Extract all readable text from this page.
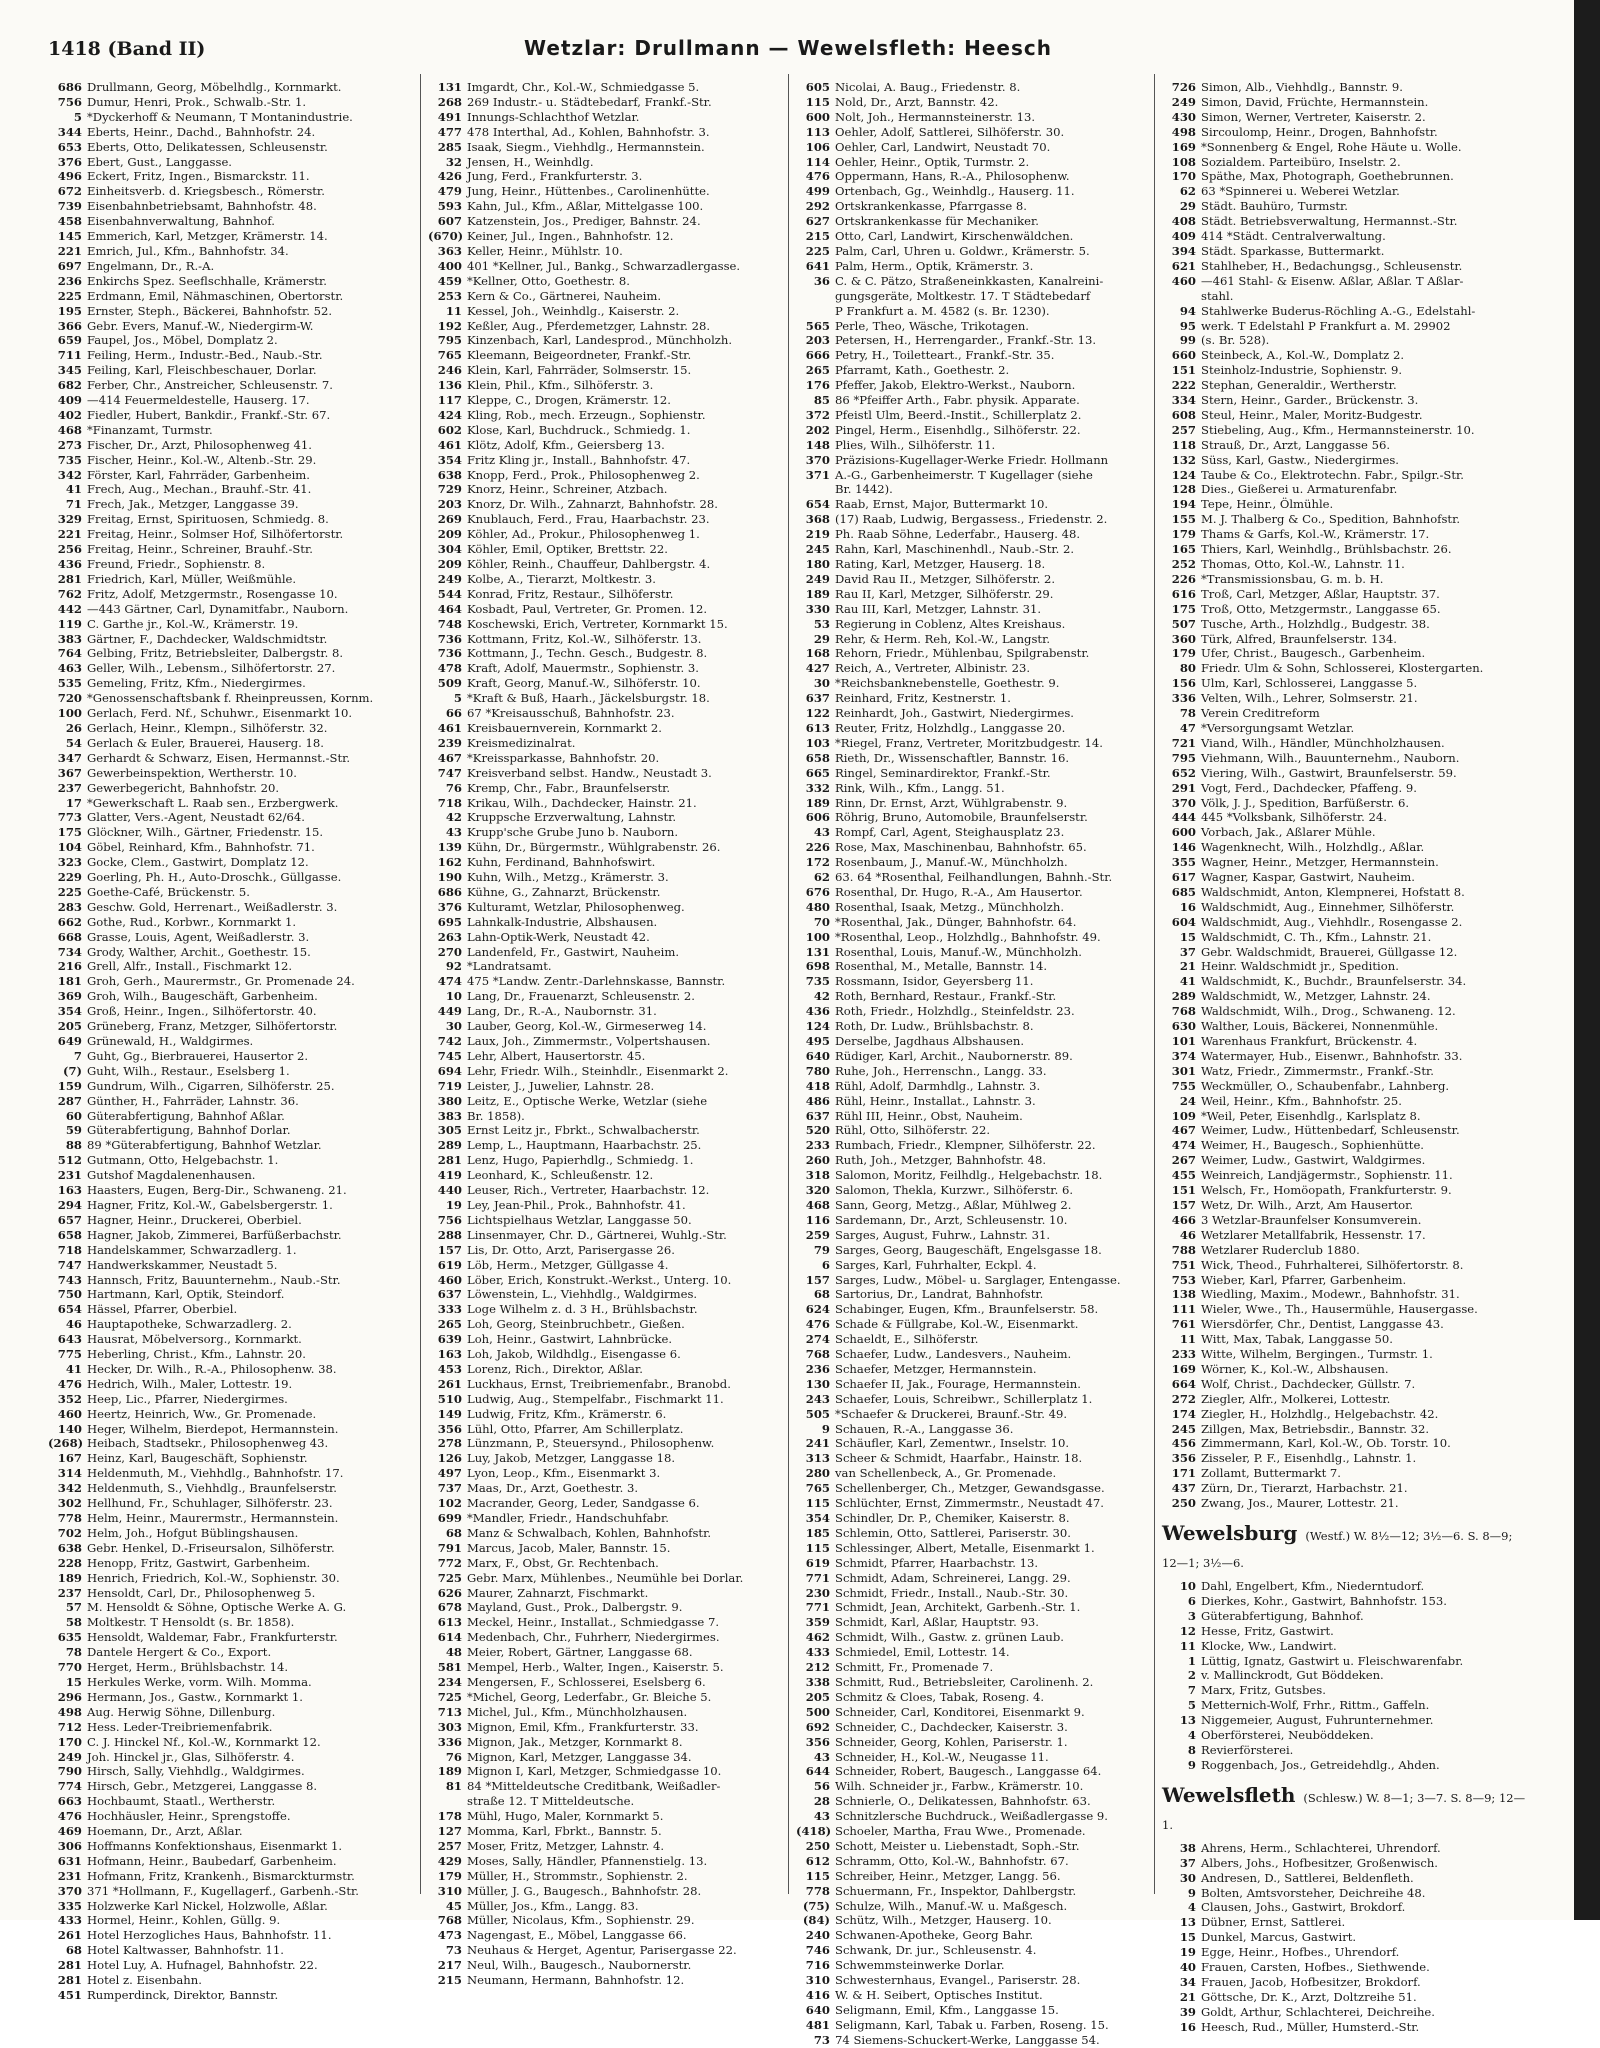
1418 (Band II)	Wetzlar: Drullmann — Wewelsfleth: Heesch
686 Drullmann, Georg, Möbelhdlg., Kornmarkt.
756 Dumur, Henri, Prok., Schwalb.-Str. 1.
5 *Dyckerhoff & Neumann, T Montanindustrie.
344 Eberts, Heinr., Dachd., Bahnhofstr. 24.
653 Eberts, Otto, Delikatessen, Schleusenstr.
376 Ebert, Gust., Langgasse.
496 Eckert, Fritz, Ingen., Bismarckstr. 11.
672 Einheitsverb. d. Kriegsbesch., Römerstr.
739 Eisenbahnbetriebsamt, Bahnhofstr. 48.
458 Eisenbahnverwaltung, Bahnhof.
145 Emmerich, Karl, Metzger, Krämerstr. 14.
221 Emrich, Jul., Kfm., Bahnhofstr. 34.
697 Engelmann, Dr., R.-A.
236 Enkirchs Spez. Seeflschhalle, Krämerstr.
225 Erdmann, Emil, Nähmaschinen, Obertorstr.
195 Ernster, Steph., Bäckerei, Bahnhofstr. 52.
366 Gebr. Evers, Manuf.-W., Niedergirm-W.
659 Faupel, Jos., Möbel, Domplatz 2.
711 Feiling, Herm., Industr.-Bed., Naub.-Str.
345 Feiling, Karl, Fleischbeschauer, Dorlar.
682 Ferber, Chr., Anstreicher, Schleusenstr. 7.
409 —414 Feuermeldestelle, Hauserg. 17.
402 Fiedler, Hubert, Bankdir., Frankf.-Str. 67.
468 *Finanzamt, Turmstr.
273 Fischer, Dr., Arzt, Philosophenweg 41.
735 Fischer, Heinr., Kol.-W., Altenb.-Str. 29.
342 Förster, Karl, Fahrräder, Garbenheim.
41 Frech, Aug., Mechan., Brauhf.-Str. 41.
71 Frech, Jak., Metzger, Langgasse 39.
329 Freitag, Ernst, Spirituosen, Schmiedg. 8.
221 Freitag, Heinr., Solmser Hof, Silhöfertorstr.
256 Freitag, Heinr., Schreiner, Brauhf.-Str.
436 Freund, Friedr., Sophienstr. 8.
281 Friedrich, Karl, Müller, Weißmühle.
762 Fritz, Adolf, Metzgermstr., Rosengasse 10.
442 —443 Gärtner, Carl, Dynamitfabr., Nauborn.
119 C. Garthe jr., Kol.-W., Krämerstr. 19.
383 Gärtner, F., Dachdecker, Waldschmidtstr.
764 Gelbing, Fritz, Betriebsleiter, Dalbergstr. 8.
463 Geller, Wilh., Lebensm., Silhöfertorstr. 27.
535 Gemeling, Fritz, Kfm., Niedergirmes.
720 *Genossenschaftsbank f. Rheinpreussen, Kornm.
100 Gerlach, Ferd. Nf., Schuhwr., Eisenmarkt 10.
26 Gerlach, Heinr., Klempn., Silhöferstr. 32.
54 Gerlach & Euler, Brauerei, Hauserg. 18.
347 Gerhardt & Schwarz, Eisen, Hermannst.-Str.
367 Gewerbeinspektion, Wertherstr. 10.
237 Gewerbegericht, Bahnhofstr. 20.
17 *Gewerkschaft L. Raab sen., Erzbergwerk.
773 Glatter, Vers.-Agent, Neustadt 62/64.
175 Glöckner, Wilh., Gärtner, Friedenstr. 15.
104 Göbel, Reinhard, Kfm., Bahnhofstr. 71.
323 Gocke, Clem., Gastwirt, Domplatz 12.
229 Goerling, Ph. H., Auto-Droschk., Güllgasse.
225 Goethe-Café, Brückenstr. 5.
283 Geschw. Gold, Herrenart., Weißadlerstr. 3.
662 Gothe, Rud., Korbwr., Kornmarkt 1.
668 Grasse, Louis, Agent, Weißadlerstr. 3.
734 Grody, Walther, Archit., Goethestr. 15.
216 Grell, Alfr., Install., Fischmarkt 12.
181 Groh, Gerh., Maurermstr., Gr. Promenade 24.
369 Groh, Wilh., Baugeschäft, Garbenheim.
354 Groß, Heinr., Ingen., Silhöfertorstr. 40.
205 Grüneberg, Franz, Metzger, Silhöfertorstr.
649 Grünewald, H., Waldgirmes.
7 Guht, Gg., Bierbrauerei, Hausertor 2.
(7) Guht, Wilh., Restaur., Eselsberg 1.
159 Gundrum, Wilh., Cigarren, Silhöferstr. 25.
287 Günther, H., Fahrräder, Lahnstr. 36.
60 Güterabfertigung, Bahnhof Aßlar.
59 Güterabfertigung, Bahnhof Dorlar.
88 89 *Güterabfertigung, Bahnhof Wetzlar.
512 Gutmann, Otto, Helgebachstr. 1.
231 Gutshof Magdalenenhausen.
163 Haasters, Eugen, Berg-Dir., Schwaneng. 21.
294 Hagner, Fritz, Kol.-W., Gabelsbergerstr. 1.
657 Hagner, Heinr., Druckerei, Oberbiel.
658 Hagner, Jakob, Zimmerei, Barfüßerbachstr.
718 Handelskammer, Schwarzadlerg. 1.
747 Handwerkskammer, Neustadt 5.
743 Hannsch, Fritz, Bauunternehm., Naub.-Str.
750 Hartmann, Karl, Optik, Steindorf.
654 Hässel, Pfarrer, Oberbiel.
46 Hauptapotheke, Schwarzadlerg. 2.
643 Hausrat, Möbelversorg., Kornmarkt.
775 Heberling, Christ., Kfm., Lahnstr. 20.
41 Hecker, Dr. Wilh., R.-A., Philosophenw. 38.
476 Hedrich, Wilh., Maler, Lottestr. 19.
352 Heep, Lic., Pfarrer, Niedergirmes.
460 Heertz, Heinrich, Ww., Gr. Promenade.
140 Heger, Wilhelm, Bierdepot, Hermannstein.
(268) Heibach, Stadtsekr., Philosophenweg 43.
167 Heinz, Karl, Baugeschäft, Sophienstr.
314 Heldenmuth, M., Viehhdlg., Bahnhofstr. 17.
342 Heldenmuth, S., Viehhdlg., Braunfelserstr.
302 Hellhund, Fr., Schuhlager, Silhöferstr. 23.
778 Helm, Heinr., Maurermstr., Hermannstein.
702 Helm, Joh., Hofgut Büblingshausen.
638 Gebr. Henkel, D.-Friseursalon, Silhöferstr.
228 Henopp, Fritz, Gastwirt, Garbenheim.
189 Henrich, Friedrich, Kol.-W., Sophienstr. 30.
237 Hensoldt, Carl, Dr., Philosophenweg 5.
57 M. Hensoldt & Söhne, Optische Werke A. G.
58 Moltkestr. T Hensoldt (s. Br. 1858).
635 Hensoldt, Waldemar, Fabr., Frankfurterstr.
78 Dantele Hergert & Co., Export.
770 Herget, Herm., Brühlsbachstr. 14.
15 Herkules Werke, vorm. Wilh. Momma.
296 Hermann, Jos., Gastw., Kornmarkt 1.
498 Aug. Herwig Söhne, Dillenburg.
712 Hess. Leder-Treibriemenfabrik.
170 C. J. Hinckel Nf., Kol.-W., Kornmarkt 12.
249 Joh. Hinckel jr., Glas, Silhöferstr. 4.
790 Hirsch, Sally, Viehhdlg., Waldgirmes.
774 Hirsch, Gebr., Metzgerei, Langgasse 8.
663 Hochbaumt, Staatl., Wertherstr.
476 Hochhäusler, Heinr., Sprengstoffe.
469 Hoemann, Dr., Arzt, Aßlar.
306 Hoffmanns Konfektionshaus, Eisenmarkt 1.
631 Hofmann, Heinr., Baubedarf, Garbenheim.
231 Hofmann, Fritz, Krankenh., Bismarckturmstr.
370 371 *Hollmann, F., Kugellagerf., Garbenh.-Str.
335 Holzwerke Karl Nickel, Holzwolle, Aßlar.
433 Hormel, Heinr., Kohlen, Güllg. 9.
261 Hotel Herzogliches Haus, Bahnhofstr. 11.
68 Hotel Kaltwasser, Bahnhofstr. 11.
281 Hotel Luy, A. Hufnagel, Bahnhofstr. 22.
281 Hotel z. Eisenbahn.
451 Rumperdinck, Direktor, Bannstr.
131 Imgardt, Chr., Kol.-W., Schmiedgasse 5.
268 269 Industr.- u. Städtebedarf, Frankf.-Str.
491 Innungs-Schlachthof Wetzlar.
477 478 Interthal, Ad., Kohlen, Bahnhofstr. 3.
285 Isaak, Siegm., Viehhdlg., Hermannstein.
32 Jensen, H., Weinhdlg.
426 Jung, Ferd., Frankfurterstr. 3.
479 Jung, Heinr., Hüttenbes., Carolinenhütte.
593 Kahn, Jul., Kfm., Aßlar, Mittelgasse 100.
607 Katzenstein, Jos., Prediger, Bahnstr. 24.
(670) Keiner, Jul., Ingen., Bahnhofstr. 12.
363 Keller, Heinr., Mühlstr. 10.
400 401 *Kellner, Jul., Bankg., Schwarzadlergasse.
459 *Kellner, Otto, Goethestr. 8.
253 Kern & Co., Gärtnerei, Nauheim.
11 Kessel, Joh., Weinhdlg., Kaiserstr. 2.
192 Keßler, Aug., Pferdemetzger, Lahnstr. 28.
795 Kinzenbach, Karl, Landesprod., Münchholzh.
765 Kleemann, Beigeordneter, Frankf.-Str.
246 Klein, Karl, Fahrräder, Solmserstr. 15.
136 Klein, Phil., Kfm., Silhöferstr. 3.
117 Kleppe, C., Drogen, Krämerstr. 12.
424 Kling, Rob., mech. Erzeugn., Sophienstr.
602 Klose, Karl, Buchdruck., Schmiedg. 1.
461 Klötz, Adolf, Kfm., Geiersberg 13.
354 Fritz Kling jr., Install., Bahnhofstr. 47.
638 Knopp, Ferd., Prok., Philosophenweg 2.
729 Knorz, Heinr., Schreiner, Atzbach.
203 Knorz, Dr. Wilh., Zahnarzt, Bahnhofstr. 28.
269 Knublauch, Ferd., Frau, Haarbachstr. 23.
209 Köhler, Ad., Prokur., Philosophenweg 1.
304 Köhler, Emil, Optiker, Brettstr. 22.
209 Köhler, Reinh., Chauffeur, Dahlbergstr. 4.
249 Kolbe, A., Tierarzt, Moltkestr. 3.
544 Konrad, Fritz, Restaur., Silhöferstr.
464 Kosbadt, Paul, Vertreter, Gr. Promen. 12.
748 Koschewski, Erich, Vertreter, Kornmarkt 15.
736 Kottmann, Fritz, Kol.-W., Silhöferstr. 13.
736 Kottmann, J., Techn. Gesch., Budgestr. 8.
478 Kraft, Adolf, Mauermstr., Sophienstr. 3.
509 Kraft, Georg, Manuf.-W., Silhöferstr. 10.
5 *Kraft & Buß, Haarh., Jäckelsburgstr. 18.
66 67 *Kreisausschuß, Bahnhofstr. 23.
461 Kreisbauernverein, Kornmarkt 2.
239 Kreismedizinalrat.
467 *Kreissparkasse, Bahnhofstr. 20.
747 Kreisverband selbst. Handw., Neustadt 3.
76 Kremp, Chr., Fabr., Braunfelserstr.
718 Krikau, Wilh., Dachdecker, Hainstr. 21.
42 Kruppsche Erzverwaltung, Lahnstr.
43 Krupp'sche Grube Juno b. Nauborn.
139 Kühn, Dr., Bürgermstr., Wühlgrabenstr. 26.
162 Kuhn, Ferdinand, Bahnhofswirt.
190 Kuhn, Wilh., Metzg., Krämerstr. 3.
686 Kühne, G., Zahnarzt, Brückenstr.
376 Kulturamt, Wetzlar, Philosophenweg.
695 Lahnkalk-Industrie, Albshausen.
263 Lahn-Optik-Werk, Neustadt 42.
270 Landenfeld, Fr., Gastwirt, Nauheim.
92 *Landratsamt.
474 475 *Landw. Zentr.-Darlehnskasse, Bannstr.
10 Lang, Dr., Frauenarzt, Schleusenstr. 2.
449 Lang, Dr., R.-A., Naubornstr. 31.
30 Lauber, Georg, Kol.-W., Girmeserweg 14.
742 Laux, Joh., Zimmermstr., Volpertshausen.
745 Lehr, Albert, Hausertorstr. 45.
694 Lehr, Friedr. Wilh., Steinhdlr., Eisenmarkt 2.
719 Leister, J., Juwelier, Lahnstr. 28.
380 Leitz, E., Optische Werke, Wetzlar (siehe
383 Br. 1858).
305 Ernst Leitz jr., Fbrkt., Schwalbacherstr.
289 Lemp, L., Hauptmann, Haarbachstr. 25.
281 Lenz, Hugo, Papierhdlg., Schmiedg. 1.
419 Leonhard, K., Schleußenstr. 12.
440 Leuser, Rich., Vertreter, Haarbachstr. 12.
19 Ley, Jean-Phil., Prok., Bahnhofstr. 41.
756 Lichtspielhaus Wetzlar, Langgasse 50.
288 Linsenmayer, Chr. D., Gärtnerei, Wuhlg.-Str.
157 Lis, Dr. Otto, Arzt, Parisergasse 26.
619 Löb, Herm., Metzger, Güllgasse 4.
460 Löber, Erich, Konstrukt.-Werkst., Unterg. 10.
637 Löwenstein, L., Viehhdlg., Waldgirmes.
333 Loge Wilhelm z. d. 3 H., Brühlsbachstr.
265 Loh, Georg, Steinbruchbetr., Gießen.
639 Loh, Heinr., Gastwirt, Lahnbrücke.
163 Loh, Jakob, Wildhdlg., Eisengasse 6.
453 Lorenz, Rich., Direktor, Aßlar.
261 Luckhaus, Ernst, Treibriemenfabr., Branobd.
510 Ludwig, Aug., Stempelfabr., Fischmarkt 11.
149 Ludwig, Fritz, Kfm., Krämerstr. 6.
356 Lühl, Otto, Pfarrer, Am Schillerplatz.
278 Lünzmann, P., Steuersynd., Philosophenw.
126 Luy, Jakob, Metzger, Langgasse 18.
497 Lyon, Leop., Kfm., Eisenmarkt 3.
737 Maas, Dr., Arzt, Goethestr. 3.
102 Macrander, Georg, Leder, Sandgasse 6.
699 *Mandler, Friedr., Handschuhfabr.
68 Manz & Schwalbach, Kohlen, Bahnhofstr.
791 Marcus, Jacob, Maler, Bannstr. 15.
772 Marx, F., Obst, Gr. Rechtenbach.
725 Gebr. Marx, Mühlenbes., Neumühle bei Dorlar.
626 Maurer, Zahnarzt, Fischmarkt.
678 Mayland, Gust., Prok., Dalbergstr. 9.
613 Meckel, Heinr., Installat., Schmiedgasse 7.
614 Medenbach, Chr., Fuhrherr, Niedergirmes.
48 Meier, Robert, Gärtner, Langgasse 68.
581 Mempel, Herb., Walter, Ingen., Kaiserstr. 5.
234 Mengersen, F., Schlosserei, Eselsberg 6.
725 *Michel, Georg, Lederfabr., Gr. Bleiche 5.
713 Michel, Jul., Kfm., Münchholzhausen.
303 Mignon, Emil, Kfm., Frankfurterstr. 33.
336 Mignon, Jak., Metzger, Kornmarkt 8.
76 Mignon, Karl, Metzger, Langgasse 34.
189 Mignon I, Karl, Metzger, Schmiedgasse 10.
81 84 *Mitteldeutsche Creditbank, Weißadler-
straße 12. T Mitteldeutsche.
178 Mühl, Hugo, Maler, Kornmarkt 5.
127 Momma, Karl, Fbrkt., Bannstr. 5.
257 Moser, Fritz, Metzger, Lahnstr. 4.
429 Moses, Sally, Händler, Pfannenstielg. 13.
179 Müller, H., Strommstr., Sophienstr. 2.
310 Müller, J. G., Baugesch., Bahnhofstr. 28.
45 Müller, Jos., Kfm., Langg. 83.
768 Müller, Nicolaus, Kfm., Sophienstr. 29.
473 Nagengast, E., Möbel, Langgasse 66.
73 Neuhaus & Herget, Agentur, Parisergasse 22.
217 Neul, Wilh., Baugesch., Naubornerstr.
215 Neumann, Hermann, Bahnhofstr. 12.
605 Nicolai, A. Baug., Friedenstr. 8.
115 Nold, Dr., Arzt, Bannstr. 42.
600 Nolt, Joh., Hermannsteinerstr. 13.
113 Oehler, Adolf, Sattlerei, Silhöferstr. 30.
106 Oehler, Carl, Landwirt, Neustadt 70.
114 Oehler, Heinr., Optik, Turmstr. 2.
476 Oppermann, Hans, R.-A., Philosophenw.
499 Ortenbach, Gg., Weinhdlg., Hauserg. 11.
292 Ortskrankenkasse, Pfarrgasse 8.
627 Ortskrankenkasse für Mechaniker.
215 Otto, Carl, Landwirt, Kirschenwäldchen.
225 Palm, Carl, Uhren u. Goldwr., Krämerstr. 5.
641 Palm, Herm., Optik, Krämerstr. 3.
36 C. & C. Pätzo, Straßeneinkkasten, Kanalreini-
gungsgeräte, Moltkestr. 17. T Städtebedarf
P Frankfurt a. M. 4582 (s. Br. 1230).
565 Perle, Theo, Wäsche, Trikotagen.
203 Petersen, H., Herrengarder., Frankf.-Str. 13.
666 Petry, H., Toiletteart., Frankf.-Str. 35.
265 Pfarramt, Kath., Goethestr. 2.
176 Pfeffer, Jakob, Elektro-Werkst., Nauborn.
85 86 *Pfeiffer Arth., Fabr. physik. Apparate.
372 Pfeistl Ulm, Beerd.-Instit., Schillerplatz 2.
202 Pingel, Herm., Eisenhdlg., Silhöferstr. 22.
148 Plies, Wilh., Silhöferstr. 11.
370 Präzisions-Kugellager-Werke Friedr. Hollmann
371 A.-G., Garbenheimerstr. T Kugellager (siehe
Br. 1442).
654 Raab, Ernst, Major, Buttermarkt 10.
368 (17) Raab, Ludwig, Bergassess., Friedenstr. 2.
219 Ph. Raab Söhne, Lederfabr., Hauserg. 48.
245 Rahn, Karl, Maschinenhdl., Naub.-Str. 2.
180 Rating, Karl, Metzger, Hauserg. 18.
249 David Rau II., Metzger, Silhöferstr. 2.
189 Rau II, Karl, Metzger, Silhöferstr. 29.
330 Rau III, Karl, Metzger, Lahnstr. 31.
53 Regierung in Coblenz, Altes Kreishaus.
29 Rehr, & Herm. Reh, Kol.-W., Langstr.
168 Rehorn, Friedr., Mühlenbau, Spilgrabenstr.
427 Reich, A., Vertreter, Albinistr. 23.
30 *Reichsbanknebenstelle, Goethestr. 9.
637 Reinhard, Fritz, Kestnerstr. 1.
122 Reinhardt, Joh., Gastwirt, Niedergirmes.
613 Reuter, Fritz, Holzhdlg., Langgasse 20.
103 *Riegel, Franz, Vertreter, Moritzbudgestr. 14.
658 Rieth, Dr., Wissenschaftler, Bannstr. 16.
665 Ringel, Seminardirektor, Frankf.-Str.
332 Rink, Wilh., Kfm., Langg. 51.
189 Rinn, Dr. Ernst, Arzt, Wühlgrabenstr. 9.
606 Röhrig, Bruno, Automobile, Braunfelserstr.
43 Rompf, Carl, Agent, Steighausplatz 23.
226 Rose, Max, Maschinenbau, Bahnhofstr. 65.
172 Rosenbaum, J., Manuf.-W., Münchholzh.
62 63. 64 *Rosenthal, Feilhandlungen, Bahnh.-Str.
676 Rosenthal, Dr. Hugo, R.-A., Am Hausertor.
480 Rosenthal, Isaak, Metzg., Münchholzh.
70 *Rosenthal, Jak., Dünger, Bahnhofstr. 64.
100 *Rosenthal, Leop., Holzhdlg., Bahnhofstr. 49.
131 Rosenthal, Louis, Manuf.-W., Münchholzh.
698 Rosenthal, M., Metalle, Bannstr. 14.
735 Rossmann, Isidor, Geyersberg 11.
42 Roth, Bernhard, Restaur., Frankf.-Str.
436 Roth, Friedr., Holzhdlg., Steinfeldstr. 23.
124 Roth, Dr. Ludw., Brühlsbachstr. 8.
495 Derselbe, Jagdhaus Albshausen.
640 Rüdiger, Karl, Archit., Naubornerstr. 89.
780 Ruhe, Joh., Herrenschn., Langg. 33.
418 Rühl, Adolf, Darmhdlg., Lahnstr. 3.
486 Rühl, Heinr., Installat., Lahnstr. 3.
637 Rühl III, Heinr., Obst, Nauheim.
520 Rühl, Otto, Silhöferstr. 22.
233 Rumbach, Friedr., Klempner, Silhöferstr. 22.
260 Ruth, Joh., Metzger, Bahnhofstr. 48.
318 Salomon, Moritz, Feilhdlg., Helgebachstr. 18.
320 Salomon, Thekla, Kurzwr., Silhöferstr. 6.
468 Sann, Georg, Metzg., Aßlar, Mühlweg 2.
116 Sardemann, Dr., Arzt, Schleusenstr. 10.
259 Sarges, August, Fuhrw., Lahnstr. 31.
79 Sarges, Georg, Baugeschäft, Engelsgasse 18.
6 Sarges, Karl, Fuhrhalter, Eckpl. 4.
157 Sarges, Ludw., Möbel- u. Sarglager, Entengasse.
68 Sartorius, Dr., Landrat, Bahnhofstr.
624 Schabinger, Eugen, Kfm., Braunfelserstr. 58.
476 Schade & Füllgrabe, Kol.-W., Eisenmarkt.
274 Schaeldt, E., Silhöferstr.
768 Schaefer, Ludw., Landesvers., Nauheim.
236 Schaefer, Metzger, Hermannstein.
130 Schaefer II, Jak., Fourage, Hermannstein.
243 Schaefer, Louis, Schreibwr., Schillerplatz 1.
505 *Schaefer & Druckerei, Braunf.-Str. 49.
9 Schauen, R.-A., Langgasse 36.
241 Schäufler, Karl, Zementwr., Inselstr. 10.
313 Scheer & Schmidt, Haarfabr., Hainstr. 18.
280 van Schellenbeck, A., Gr. Promenade.
765 Schellenberger, Ch., Metzger, Gewandsgasse.
115 Schlüchter, Ernst, Zimmermstr., Neustadt 47.
354 Schindler, Dr. P., Chemiker, Kaiserstr. 8.
185 Schlemin, Otto, Sattlerei, Pariserstr. 30.
115 Schlessinger, Albert, Metalle, Eisenmarkt 1.
619 Schmidt, Pfarrer, Haarbachstr. 13.
771 Schmidt, Adam, Schreinerei, Langg. 29.
230 Schmidt, Friedr., Install., Naub.-Str. 30.
771 Schmidt, Jean, Architekt, Garbenh.-Str. 1.
359 Schmidt, Karl, Aßlar, Hauptstr. 93.
462 Schmidt, Wilh., Gastw. z. grünen Laub.
433 Schmiedel, Emil, Lottestr. 14.
212 Schmitt, Fr., Promenade 7.
338 Schmitt, Rud., Betriebsleiter, Carolinenh. 2.
205 Schmitz & Cloes, Tabak, Roseng. 4.
500 Schneider, Carl, Konditorei, Eisenmarkt 9.
692 Schneider, C., Dachdecker, Kaiserstr. 3.
356 Schneider, Georg, Kohlen, Pariserstr. 1.
43 Schneider, H., Kol.-W., Neugasse 11.
644 Schneider, Robert, Baugesch., Langgasse 64.
56 Wilh. Schneider jr., Farbw., Krämerstr. 10.
28 Schnierle, O., Delikatessen, Bahnhofstr. 63.
43 Schnitzlersche Buchdruck., Weißadlergasse 9.
(418) Schoeler, Martha, Frau Wwe., Promenade.
250 Schott, Meister u. Liebenstadt, Soph.-Str.
612 Schramm, Otto, Kol.-W., Bahnhofstr. 67.
115 Schreiber, Heinr., Metzger, Langg. 56.
778 Schuermann, Fr., Inspektor, Dahlbergstr.
(75) Schulze, Wilh., Manuf.-W. u. Maßgesch.
(84) Schütz, Wilh., Metzger, Hauserg. 10.
240 Schwanen-Apotheke, Georg Bahr.
746 Schwank, Dr. jur., Schleusenstr. 4.
716 Schwemmsteinwerke Dorlar.
310 Schwesternhaus, Evangel., Pariserstr. 28.
416 W. & H. Seibert, Optisches Institut.
640 Seligmann, Emil, Kfm., Langgasse 15.
481 Seligmann, Karl, Tabak u. Farben, Roseng. 15.
73 74 Siemens-Schuckert-Werke, Langgasse 54.
726 Simon, Alb., Viehhdlg., Bannstr. 9.
249 Simon, David, Früchte, Hermannstein.
430 Simon, Werner, Vertreter, Kaiserstr. 2.
498 Sircoulomp, Heinr., Drogen, Bahnhofstr.
169 *Sonnenberg & Engel, Rohe Häute u. Wolle.
108 Sozialdem. Parteibüro, Inselstr. 2.
170 Späthe, Max, Photograph, Goethebrunnen.
62 63 *Spinnerei u. Weberei Wetzlar.
29 Städt. Bauhüro, Turmstr.
408 Städt. Betriebsverwaltung, Hermannst.-Str.
409 414 *Städt. Centralverwaltung.
394 Städt. Sparkasse, Buttermarkt.
621 Stahlheber, H., Bedachungsg., Schleusenstr.
460 —461 Stahl- & Eisenw. Aßlar, Aßlar. T Aßlar-
stahl.
94 Stahlwerke Buderus-Röchling A.-G., Edelstahl-
95 werk. T Edelstahl P Frankfurt a. M. 29902
99 (s. Br. 528).
660 Steinbeck, A., Kol.-W., Domplatz 2.
151 Steinholz-Industrie, Sophienstr. 9.
222 Stephan, Generaldir., Wertherstr.
334 Stern, Heinr., Garder., Brückenstr. 3.
608 Steul, Heinr., Maler, Moritz-Budgestr.
257 Stiebeling, Aug., Kfm., Hermannsteinerstr. 10.
118 Strauß, Dr., Arzt, Langgasse 56.
132 Süss, Karl, Gastw., Niedergirmes.
124 Taube & Co., Elektrotechn. Fabr., Spilgr.-Str.
128 Dies., Gießerei u. Armaturenfabr.
194 Tepe, Heinr., Ölmühle.
155 M. J. Thalberg & Co., Spedition, Bahnhofstr.
179 Thams & Garfs, Kol.-W., Krämerstr. 17.
165 Thiers, Karl, Weinhdlg., Brühlsbachstr. 26.
252 Thomas, Otto, Kol.-W., Lahnstr. 11.
226 *Transmissionsbau, G. m. b. H.
616 Troß, Carl, Metzger, Aßlar, Hauptstr. 37.
175 Troß, Otto, Metzgermstr., Langgasse 65.
507 Tusche, Arth., Holzhdlg., Budgestr. 38.
360 Türk, Alfred, Braunfelserstr. 134.
179 Ufer, Christ., Baugesch., Garbenheim.
80 Friedr. Ulm & Sohn, Schlosserei, Klostergarten.
156 Ulm, Karl, Schlosserei, Langgasse 5.
336 Velten, Wilh., Lehrer, Solmserstr. 21.
78 Verein Creditreform
47 *Versorgungsamt Wetzlar.
721 Viand, Wilh., Händler, Münchholzhausen.
795 Viehmann, Wilh., Bauunternehm., Nauborn.
652 Viering, Wilh., Gastwirt, Braunfelserstr. 59.
291 Vogt, Ferd., Dachdecker, Pfaffeng. 9.
370 Völk, J. J., Spedition, Barfüßerstr. 6.
444 445 *Volksbank, Silhöferstr. 24.
600 Vorbach, Jak., Aßlarer Mühle.
146 Wagenknecht, Wilh., Holzhdlg., Aßlar.
355 Wagner, Heinr., Metzger, Hermannstein.
617 Wagner, Kaspar, Gastwirt, Nauheim.
685 Waldschmidt, Anton, Klempnerei, Hofstatt 8.
16 Waldschmidt, Aug., Einnehmer, Silhöferstr.
604 Waldschmidt, Aug., Viehhdlr., Rosengasse 2.
15 Waldschmidt, C. Th., Kfm., Lahnstr. 21.
37 Gebr. Waldschmidt, Brauerei, Güllgasse 12.
21 Heinr. Waldschmidt jr., Spedition.
41 Waldschmidt, K., Buchdr., Braunfelserstr. 34.
289 Waldschmidt, W., Metzger, Lahnstr. 24.
768 Waldschmidt, Wilh., Drog., Schwaneng. 12.
630 Walther, Louis, Bäckerei, Nonnenmühle.
101 Warenhaus Frankfurt, Brückenstr. 4.
374 Watermayer, Hub., Eisenwr., Bahnhofstr. 33.
301 Watz, Friedr., Zimmermstr., Frankf.-Str.
755 Weckmüller, O., Schaubenfabr., Lahnberg.
24 Weil, Heinr., Kfm., Bahnhofstr. 25.
109 *Weil, Peter, Eisenhdlg., Karlsplatz 8.
467 Weimer, Ludw., Hüttenbedarf, Schleusenstr.
474 Weimer, H., Baugesch., Sophienhütte.
267 Weimer, Ludw., Gastwirt, Waldgirmes.
455 Weinreich, Landjägermstr., Sophienstr. 11.
151 Welsch, Fr., Homöopath, Frankfurterstr. 9.
157 Wetz, Dr. Wilh., Arzt, Am Hausertor.
466 3 Wetzlar-Braunfelser Konsumverein.
46 Wetzlarer Metallfabrik, Hessenstr. 17.
788 Wetzlarer Ruderclub 1880.
751 Wick, Theod., Fuhrhalterei, Silhöfertorstr. 8.
753 Wieber, Karl, Pfarrer, Garbenheim.
138 Wiedling, Maxim., Modewr., Bahnhofstr. 31.
111 Wieler, Wwe., Th., Hausermühle, Hausergasse.
761 Wiersdörfer, Chr., Dentist, Langgasse 43.
11 Witt, Max, Tabak, Langgasse 50.
233 Witte, Wilhelm, Bergingen., Turmstr. 1.
169 Wörner, K., Kol.-W., Albshausen.
664 Wolf, Christ., Dachdecker, Güllstr. 7.
272 Ziegler, Alfr., Molkerei, Lottestr.
174 Ziegler, H., Holzhdlg., Helgebachstr. 42.
245 Zillgen, Max, Betriebsdir., Bannstr. 32.
456 Zimmermann, Karl, Kol.-W., Ob. Torstr. 10.
356 Zisseler, P. F., Eisenhdlg., Lahnstr. 1.
171 Zollamt, Buttermarkt 7.
437 Zürn, Dr., Tierarzt, Harbachstr. 21.
250 Zwang, Jos., Maurer, Lottestr. 21.
Wewelsburg (Westf.) W. 8½—12; 3½—6. S. 8—9; 12—1; 3½—6.
10 Dahl, Engelbert, Kfm., Niederntudorf.
6 Dierkes, Kohr., Gastwirt, Bahnhofstr. 153.
3 Güterabfertigung, Bahnhof.
12 Hesse, Fritz, Gastwirt.
11 Klocke, Ww., Landwirt.
1 Lüttig, Ignatz, Gastwirt u. Fleischwarenfabr.
2 v. Mallinckrodt, Gut Böddeken.
7 Marx, Fritz, Gutsbes.
5 Metternich-Wolf, Frhr., Rittm., Gaffeln.
13 Niggemeier, August, Fuhrunternehmer.
4 Oberförsterei, Neuböddeken.
8 Revierförsterei.
9 Roggenbach, Jos., Getreidehdlg., Ahden.
Wewelsfleth (Schlesw.) W. 8—1; 3—7. S. 8—9; 12—1.
38 Ahrens, Herm., Schlachterei, Uhrendorf.
37 Albers, Johs., Hofbesitzer, Großenwisch.
30 Andresen, D., Sattlerei, Beldenfleth.
9 Bolten, Amtsvorsteher, Deichreihe 48.
4 Clausen, Johs., Gastwirt, Brokdorf.
13 Dübner, Ernst, Sattlerei.
15 Dunkel, Marcus, Gastwirt.
19 Egge, Heinr., Hofbes., Uhrendorf.
40 Frauen, Carsten, Hofbes., Siethwende.
34 Frauen, Jacob, Hofbesitzer, Brokdorf.
21 Göttsche, Dr. K., Arzt, Doltzreihe 51.
39 Goldt, Arthur, Schlachterei, Deichreihe.
16 Heesch, Rud., Müller, Humsterd.-Str.
